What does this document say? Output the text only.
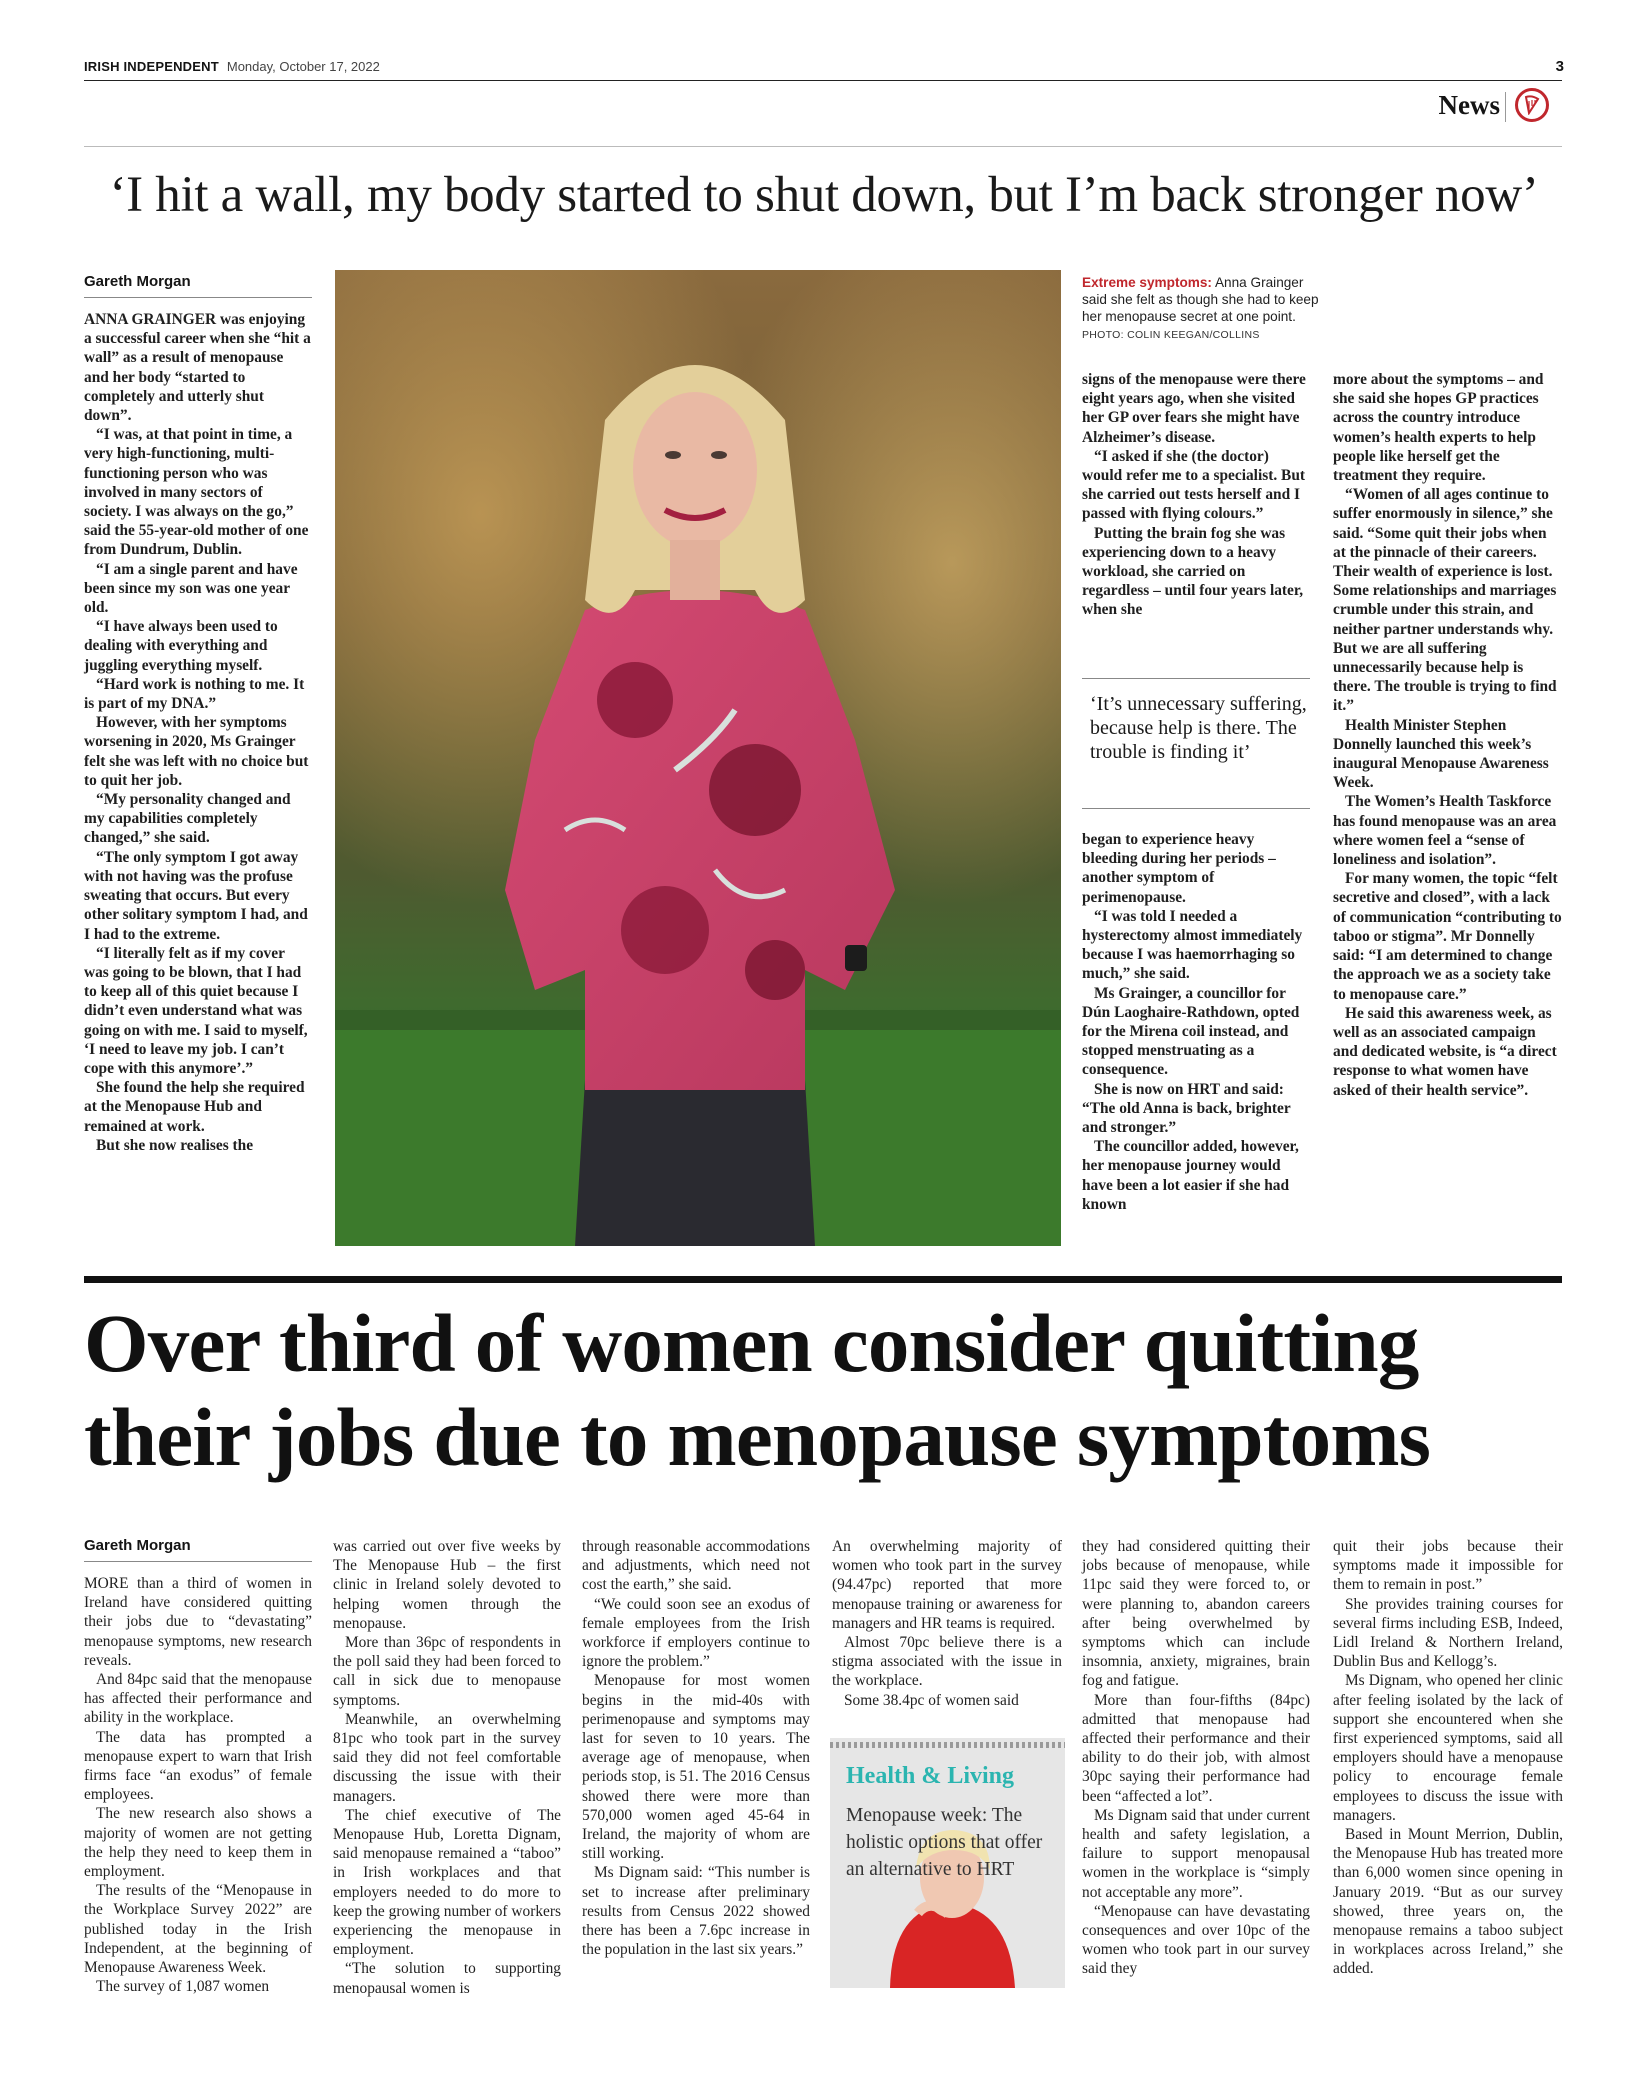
IRISH INDEPENDENT Monday, October 17, 2022	3
News
‘I hit a wall, my body started to shut down, but I’m back stronger now’
Gareth Morgan

ANNA GRAINGER was enjoying a successful career when she “hit a wall” as a result of menopause and her body “started to completely and utterly shut down”.

“I was, at that point in time, a very high-functioning, multi-functioning person who was involved in many sectors of society. I was always on the go,” said the 55-year-old mother of one from Dundrum, Dublin.

“I am a single parent and have been since my son was one year old.

“I have always been used to dealing with everything and juggling everything myself.

“Hard work is nothing to me. It is part of my DNA.”

However, with her symptoms worsening in 2020, Ms Grainger felt she was left with no choice but to quit her job.

“My personality changed and my capabilities completely changed,” she said.

“The only symptom I got away with not having was the profuse sweating that occurs. But every other solitary symptom I had, and I had to the extreme.

“I literally felt as if my cover was going to be blown, that I had to keep all of this quiet because I didn’t even understand what was going on with me. I said to myself, ‘I need to leave my job. I can’t cope with this anymore’.”

She found the help she required at the Menopause Hub and remained at work.

But she now realises the

Extreme symptoms: Anna Grainger said she felt as though she had to keep her menopause secret at one point.
PHOTO: COLIN KEEGAN/COLLINS

signs of the menopause were there eight years ago, when she visited her GP over fears she might have Alzheimer’s disease.

“I asked if she (the doctor) would refer me to a specialist. But she carried out tests herself and I passed with flying colours.”

Putting the brain fog she was experiencing down to a heavy workload, she carried on regardless – until four years later, when she

‘It’s unnecessary suffering, because help is there. The trouble is finding it’

began to experience heavy bleeding during her periods – another symptom of perimenopause.

“I was told I needed a hysterectomy almost immediately because I was haemorrhaging so much,” she said.

Ms Grainger, a councillor for Dún Laoghaire-Rathdown, opted for the Mirena coil instead, and stopped menstruating as a consequence.

She is now on HRT and said: “The old Anna is back, brighter and stronger.”

The councillor added, however, her menopause journey would have been a lot easier if she had known

more about the symptoms – and she said she hopes GP practices across the country introduce women’s health experts to help people like herself get the treatment they require.

“Women of all ages continue to suffer enormously in silence,” she said. “Some quit their jobs when at the pinnacle of their careers. Their wealth of experience is lost. Some relationships and marriages crumble under this strain, and neither partner understands why. But we are all suffering unnecessarily because help is there. The trouble is trying to find it.”

Health Minister Stephen Donnelly launched this week’s inaugural Menopause Awareness Week.

The Women’s Health Taskforce has found menopause was an area where women feel a “sense of loneliness and isolation”.

For many women, the topic “felt secretive and closed”, with a lack of communication “contributing to taboo or stigma”. Mr Donnelly said: “I am determined to change the approach we as a society take to menopause care.”

He said this awareness week, as well as an associated campaign and dedicated website, is “a direct response to what women have asked of their health service”.

Over third of women consider quitting their jobs due to menopause symptoms
Gareth Morgan

MORE than a third of women in Ireland have considered quitting their jobs due to “devastating” menopause symptoms, new research reveals.

And 84pc said that the menopause has affected their performance and ability in the workplace.

The data has prompted a menopause expert to warn that Irish firms face “an exodus” of female employees.

The new research also shows a majority of women are not getting the help they need to keep them in employment.

The results of the “Menopause in the Workplace Survey 2022” are published today in the Irish Independent, at the beginning of Menopause Awareness Week.

The survey of 1,087 women

was carried out over five weeks by The Menopause Hub – the first clinic in Ireland solely devoted to helping women through the menopause.

More than 36pc of respondents in the poll said they had been forced to call in sick due to menopause symptoms.

Meanwhile, an overwhelming 81pc who took part in the survey said they did not feel comfortable discussing the issue with their managers.

The chief executive of The Menopause Hub, Loretta Dignam, said menopause remained a “taboo” in Irish workplaces and that employers needed to do more to keep the growing number of workers experiencing the menopause in employment.

“The solution to supporting menopausal women is

through reasonable accommodations and adjustments, which need not cost the earth,” she said.

“We could soon see an exodus of female employees from the Irish workforce if employers continue to ignore the problem.”

Menopause for most women begins in the mid-40s with perimenopause and symptoms may last for seven to 10 years. The average age of menopause, when periods stop, is 51. The 2016 Census showed there were more than 570,000 women aged 45-64 in Ireland, the majority of whom are still working.

Ms Dignam said: “This number is set to increase after preliminary results from Census 2022 showed there has been a 7.6pc increase in the population in the last six years.”

An overwhelming majority of women who took part in the survey (94.47pc) reported that more menopause training or awareness for managers and HR teams is required.

Almost 70pc believe there is a stigma associated with the issue in the workplace.

Some 38.4pc of women said

Health & Living
Menopause week: The holistic options that offer an alternative to HRT

they had considered quitting their jobs because of menopause, while 11pc said they were forced to, or were planning to, abandon careers after being overwhelmed by symptoms which can include insomnia, anxiety, migraines, brain fog and fatigue.

More than four-fifths (84pc) admitted that menopause had affected their performance and their ability to do their job, with almost 30pc saying their performance had been “affected a lot”.

Ms Dignam said that under current health and safety legislation, a failure to support menopausal women in the workplace is “simply not acceptable any more”.

“Menopause can have devastating consequences and over 10pc of the women who took part in our survey said they

quit their jobs because their symptoms made it impossible for them to remain in post.”

She provides training courses for several firms including ESB, Indeed, Lidl Ireland & Northern Ireland, Dublin Bus and Kellogg’s.

Ms Dignam, who opened her clinic after feeling isolated by the lack of support she encountered when she first experienced symptoms, said all employers should have a menopause policy to encourage female employees to discuss the issue with managers.

Based in Mount Merrion, Dublin, the Menopause Hub has treated more than 6,000 women since opening in January 2019. “But as our survey showed, three years on, the menopause remains a taboo subject in workplaces across Ireland,” she added.
